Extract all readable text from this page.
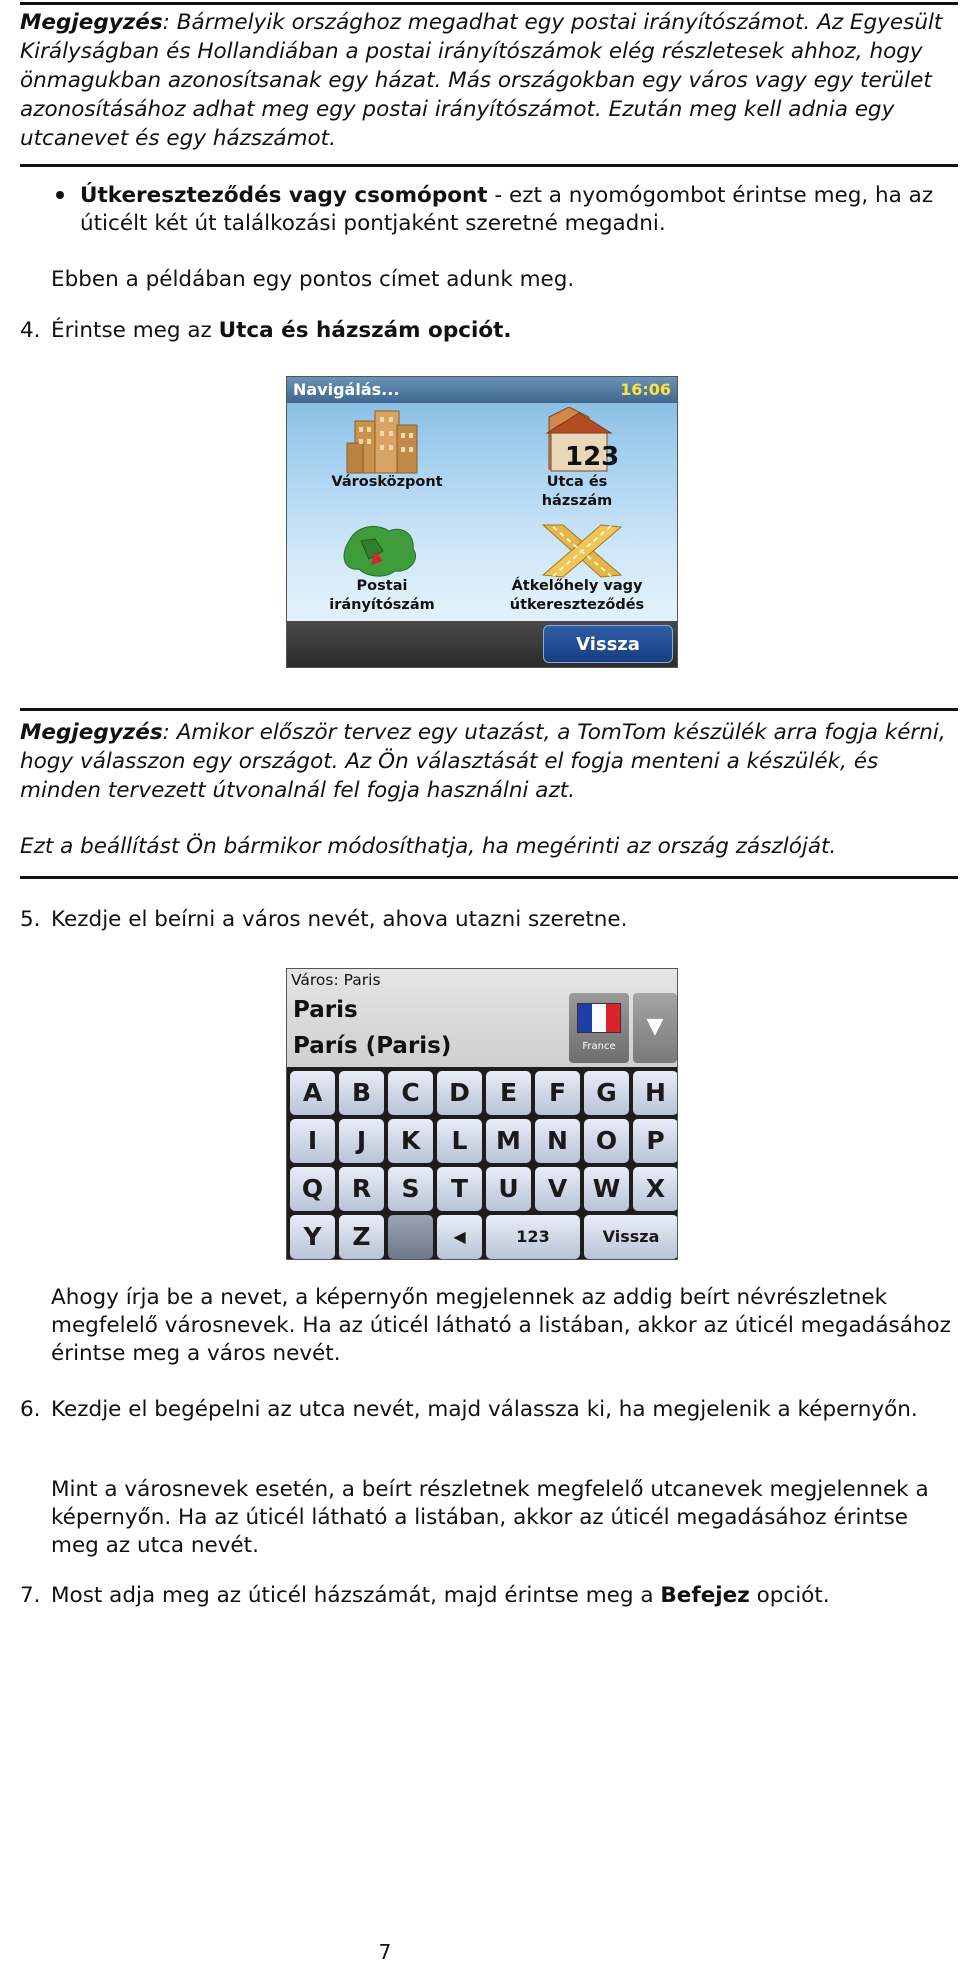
Megjegyzés: Bármelyik országhoz megadhat egy postai irányítószámot. Az Egyesült Királyságban és Hollandiában a postai irányítószámok elég részletesek ahhoz, hogy önmagukban azonosítsanak egy házat. Más országokban egy város vagy egy terület azonosításához adhat meg egy postai irányítószámot. Ezután meg kell adnia egy utcanevet és egy házszámot.
Útkereszteződés vagy csomópont - ezt a nyomógombot érintse meg, ha az úticélt két út találkozási pontjaként szeretné megadni.
Ebben a példában egy pontos címet adunk meg.
4. Érintse meg az Utca és házszám opciót.
Navigálás...	16:06
Városközpont
123
Utca és
házszám
Postai
irányítószám
Átkelőhely vagy
útkereszteződés
Vissza
Megjegyzés: Amikor először tervez egy utazást, a TomTom készülék arra fogja kérni, hogy válasszon egy országot. Az Ön választását el fogja menteni a készülék, és minden tervezett útvonalnál fel fogja használni azt.
Ezt a beállítást Ön bármikor módosíthatja, ha megérinti az ország zászlóját.
5. Kezdje el beírni a város nevét, ahova utazni szeretne.
Város: Paris
Paris
París (Paris)	France
▼
A	B	C	D	E	F	G	H
I	J	K	L	M	N	O	P
Q	R	S	T	U	V	W	X
Y	Z	◀	123	Vissza
Ahogy írja be a nevet, a képernyőn megjelennek az addig beírt névrészletnek megfelelő városnevek. Ha az úticél látható a listában, akkor az úticél megadásához érintse meg a város nevét.
6. Kezdje el begépelni az utca nevét, majd válassza ki, ha megjelenik a képernyőn.
Mint a városnevek esetén, a beírt részletnek megfelelő utcanevek megjelennek a képernyőn. Ha az úticél látható a listában, akkor az úticél megadásához érintse meg az utca nevét.
7. Most adja meg az úticél házszámát, majd érintse meg a Befejez opciót.
7
